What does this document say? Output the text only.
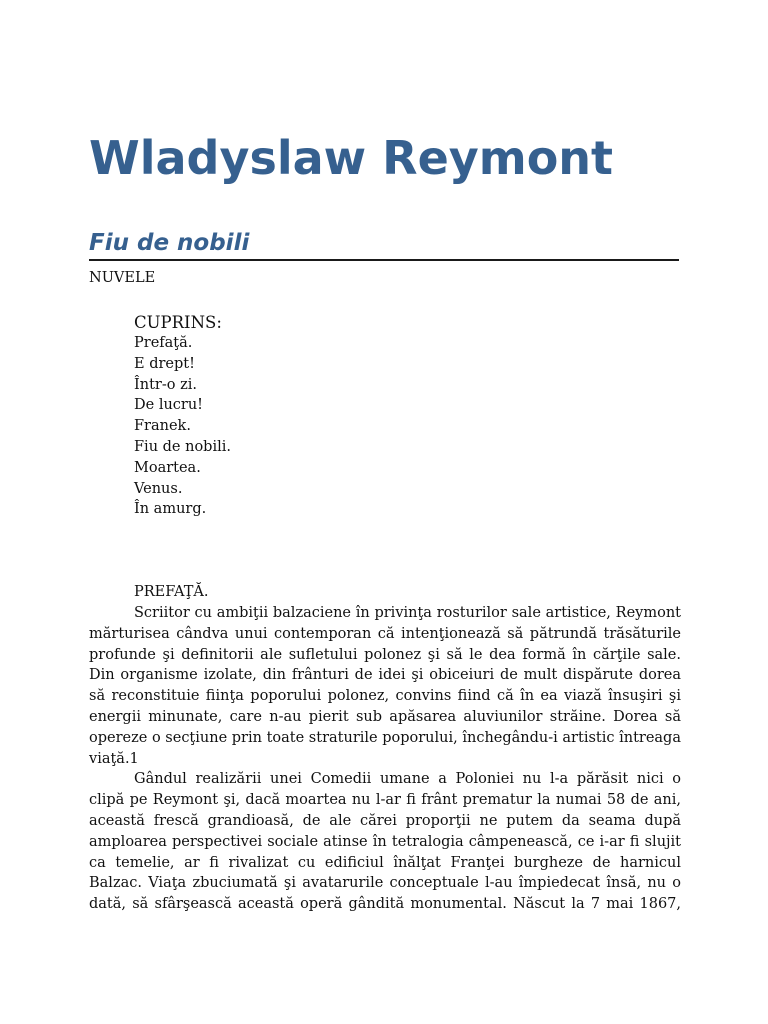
Wladyslaw Reymont
Fiu de nobili
NUVELE
CUPRINS:
Prefaţă.
E drept!
Într-o zi.
De lucru!
Franek.
Fiu de nobili.
Moartea.
Venus.
În amurg.
PREFAŢĂ.
Scriitor cu ambiţii balzaciene în privinţa rosturilor sale artistice, Reymont
mărturisea cândva unui contemporan că intenţionează să pătrundă trăsăturile
profunde şi definitorii ale sufletului polonez şi să le dea formă în cărţile sale.
Din organisme izolate, din frânturi de idei şi obiceiuri de mult dispărute dorea
să reconstituie fiinţa poporului polonez, convins fiind că în ea viază însuşiri şi
energii minunate, care n-au pierit sub apăsarea aluviunilor străine. Dorea să
opereze o secţiune prin toate straturile poporului, închegându-i artistic întreaga
viaţă.1
Gândul realizării unei Comedii umane a Poloniei nu l-a părăsit nici o
clipă pe Reymont şi, dacă moartea nu l-ar fi frânt prematur la numai 58 de ani,
această frescă grandioasă, de ale cărei proporţii ne putem da seama după
amploarea perspectivei sociale atinse în tetralogia câmpenească, ce i-ar fi slujit
ca temelie, ar fi rivalizat cu edificiul înălţat Franţei burgheze de harnicul
Balzac. Viaţa zbuciumată şi avatarurile conceptuale l-au împiedecat însă, nu o
dată, să sfârşească această operă gândită monumental. Născut la 7 mai 1867,
